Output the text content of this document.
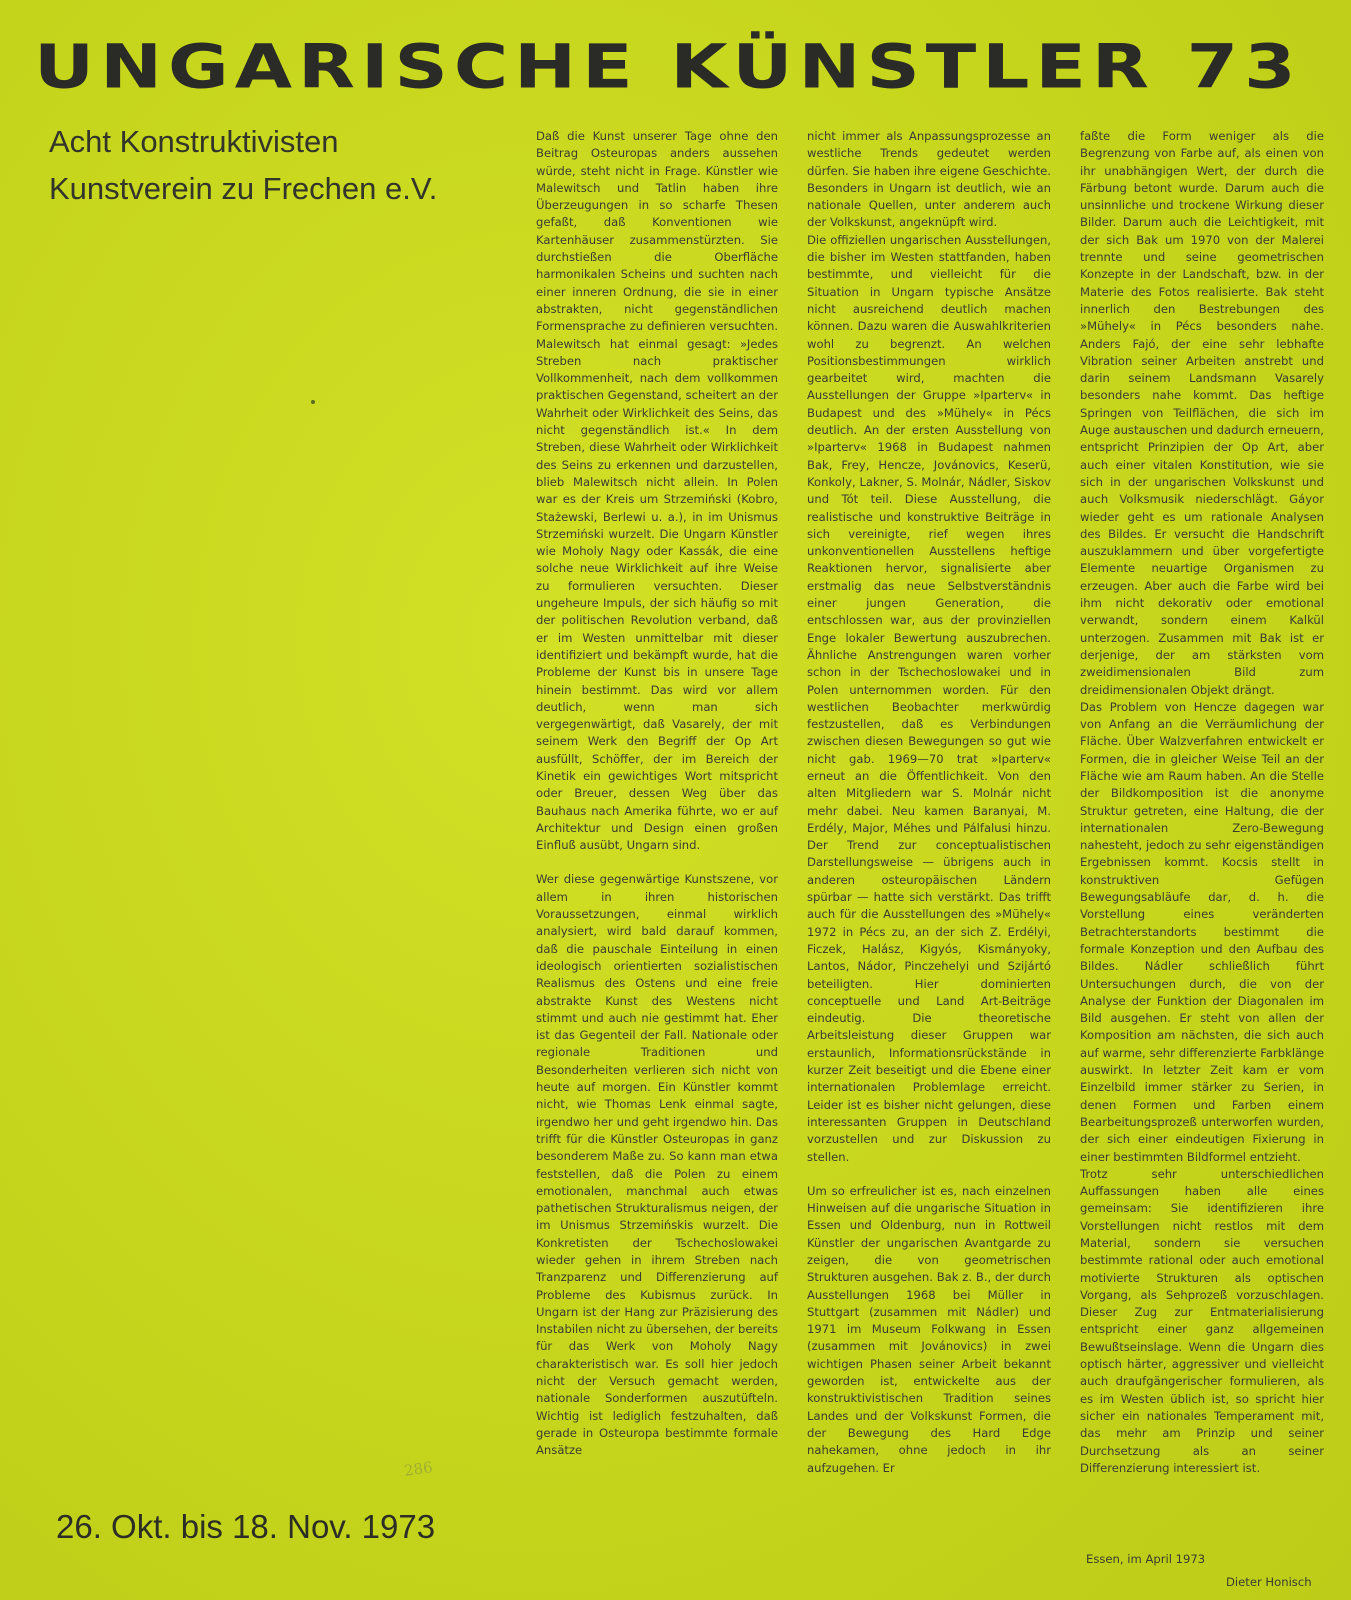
UNGARISCHE KÜNSTLER 73
Acht Konstruktivisten
Kunstverein zu Frechen e.V.
286
26. Okt. bis 18. Nov. 1973

Daß die Kunst unserer Tage ohne den Beitrag Osteuropas anders aussehen würde, steht nicht in Frage. Künstler wie Malewitsch und Tatlin haben ihre Überzeugungen in so scharfe Thesen gefaßt, daß Konventionen wie Kartenhäuser zusammenstürzten. Sie durchstießen die Oberfläche harmonikalen Scheins und suchten nach einer inneren Ordnung, die sie in einer abstrakten, nicht gegenständlichen Formensprache zu definieren versuchten. Malewitsch hat einmal gesagt: »Jedes Streben nach praktischer Vollkommenheit, nach dem vollkommen praktischen Gegenstand, scheitert an der Wahrheit oder Wirklichkeit des Seins, das nicht gegenständlich ist.« In dem Streben, diese Wahrheit oder Wirklichkeit des Seins zu erkennen und darzustellen, blieb Malewitsch nicht allein. In Polen war es der Kreis um Strzemiński (Kobro, Stażewski, Berlewi u. a.), in im Unismus Strzemiński wurzelt. Die Ungarn Künstler wie Moholy Nagy oder Kassák, die eine solche neue Wirklichkeit auf ihre Weise zu formulieren versuchten. Dieser ungeheure Impuls, der sich häufig so mit der politischen Revolution verband, daß er im Westen unmittelbar mit dieser identifiziert und bekämpft wurde, hat die Probleme der Kunst bis in unsere Tage hinein bestimmt. Das wird vor allem deutlich, wenn man sich vergegenwärtigt, daß Vasarely, der mit seinem Werk den Begriff der Op Art ausfüllt, Schöffer, der im Bereich der Kinetik ein gewichtiges Wort mitspricht oder Breuer, dessen Weg über das Bauhaus nach Amerika führte, wo er auf Architektur und Design einen großen Einfluß ausübt, Ungarn sind.

Wer diese gegenwärtige Kunstszene, vor allem in ihren historischen Voraussetzungen, einmal wirklich analysiert, wird bald darauf kommen, daß die pauschale Einteilung in einen ideologisch orientierten sozialistischen Realismus des Ostens und eine freie abstrakte Kunst des Westens nicht stimmt und auch nie gestimmt hat. Eher ist das Gegenteil der Fall. Nationale oder regionale Traditionen und Besonderheiten verlieren sich nicht von heute auf morgen. Ein Künstler kommt nicht, wie Thomas Lenk einmal sagte, irgendwo her und geht irgendwo hin. Das trifft für die Künstler Osteuropas in ganz besonderem Maße zu. So kann man etwa feststellen, daß die Polen zu einem emotionalen, manchmal auch etwas pathetischen Strukturalismus neigen, der im Unismus Strzemińskis wurzelt. Die Konkretisten der Tschechoslowakei wieder gehen in ihrem Streben nach Tranzparenz und Differenzierung auf Probleme des Kubismus zurück. In Ungarn ist der Hang zur Präzisierung des Instabilen nicht zu übersehen, der bereits für das Werk von Moholy Nagy charakteristisch war. Es soll hier jedoch nicht der Versuch gemacht werden, nationale Sonderformen auszutüfteln. Wichtig ist lediglich festzuhalten, daß gerade in Osteuropa bestimmte formale Ansätze

nicht immer als Anpassungsprozesse an westliche Trends gedeutet werden dürfen. Sie haben ihre eigene Geschichte. Besonders in Ungarn ist deutlich, wie an nationale Quellen, unter anderem auch der Volkskunst, angeknüpft wird.

Die offiziellen ungarischen Ausstellungen, die bisher im Westen stattfanden, haben bestimmte, und vielleicht für die Situation in Ungarn typische Ansätze nicht ausreichend deutlich machen können. Dazu waren die Auswahlkriterien wohl zu begrenzt. An welchen Positionsbestimmungen wirklich gearbeitet wird, machten die Ausstellungen der Gruppe »Iparterv« in Budapest und des »Mühely« in Pécs deutlich. An der ersten Ausstellung von »Iparterv« 1968 in Budapest nahmen Bak, Frey, Hencze, Jovánovics, Keserü, Konkoly, Lakner, S. Molnár, Nádler, Siskov und Tót teil. Diese Ausstellung, die realistische und konstruktive Beiträge in sich vereinigte, rief wegen ihres unkonventionellen Ausstellens heftige Reaktionen hervor, signalisierte aber erstmalig das neue Selbstverständnis einer jungen Generation, die entschlossen war, aus der provinziellen Enge lokaler Bewertung auszubrechen. Ähnliche Anstrengungen waren vorher schon in der Tschechoslowakei und in Polen unternommen worden. Für den westlichen Beobachter merkwürdig festzustellen, daß es Verbindungen zwischen diesen Bewegungen so gut wie nicht gab. 1969—70 trat »Iparterv« erneut an die Öffentlichkeit. Von den alten Mitgliedern war S. Molnár nicht mehr dabei. Neu kamen Baranyai, M. Erdély, Major, Méhes und Pálfalusi hinzu. Der Trend zur conceptualistischen Darstellungsweise — übrigens auch in anderen osteuropäischen Ländern spürbar — hatte sich verstärkt. Das trifft auch für die Ausstellungen des »Mühely« 1972 in Pécs zu, an der sich Z. Erdélyi, Ficzek, Halász, Kigyós, Kismányoky, Lantos, Nádor, Pinczehelyi und Szijártó beteiligten. Hier dominierten conceptuelle und Land Art-Beiträge eindeutig. Die theoretische Arbeitsleistung dieser Gruppen war erstaunlich, Informationsrückstände in kurzer Zeit beseitigt und die Ebene einer internationalen Problemlage erreicht. Leider ist es bisher nicht gelungen, diese interessanten Gruppen in Deutschland vorzustellen und zur Diskussion zu stellen.

Um so erfreulicher ist es, nach einzelnen Hinweisen auf die ungarische Situation in Essen und Oldenburg, nun in Rottweil Künstler der ungarischen Avantgarde zu zeigen, die von geometrischen Strukturen ausgehen. Bak z. B., der durch Ausstellungen 1968 bei Müller in Stuttgart (zusammen mit Nádler) und 1971 im Museum Folkwang in Essen (zusammen mit Jovánovics) in zwei wichtigen Phasen seiner Arbeit bekannt geworden ist, entwickelte aus der konstruktivistischen Tradition seines Landes und der Volkskunst Formen, die der Bewegung des Hard Edge nahekamen, ohne jedoch in ihr aufzugehen. Er

faßte die Form weniger als die Begrenzung von Farbe auf, als einen von ihr unabhängigen Wert, der durch die Färbung betont wurde. Darum auch die unsinnliche und trockene Wirkung dieser Bilder. Darum auch die Leichtigkeit, mit der sich Bak um 1970 von der Malerei trennte und seine geometrischen Konzepte in der Landschaft, bzw. in der Materie des Fotos realisierte. Bak steht innerlich den Bestrebungen des »Mühely« in Pécs besonders nahe. Anders Fajó, der eine sehr lebhafte Vibration seiner Arbeiten anstrebt und darin seinem Landsmann Vasarely besonders nahe kommt. Das heftige Springen von Teilflächen, die sich im Auge austauschen und dadurch erneuern, entspricht Prinzipien der Op Art, aber auch einer vitalen Konstitution, wie sie sich in der ungarischen Volkskunst und auch Volksmusik niederschlägt. Gáyor wieder geht es um rationale Analysen des Bildes. Er versucht die Handschrift auszuklammern und über vorgefertigte Elemente neuartige Organismen zu erzeugen. Aber auch die Farbe wird bei ihm nicht dekorativ oder emotional verwandt, sondern einem Kalkül unterzogen. Zusammen mit Bak ist er derjenige, der am stärksten vom zweidimensionalen Bild zum dreidimensionalen Objekt drängt.

Das Problem von Hencze dagegen war von Anfang an die Verräumlichung der Fläche. Über Walzverfahren entwickelt er Formen, die in gleicher Weise Teil an der Fläche wie am Raum haben. An die Stelle der Bildkomposition ist die anonyme Struktur getreten, eine Haltung, die der internationalen Zero-Bewegung nahesteht, jedoch zu sehr eigenständigen Ergebnissen kommt. Kocsis stellt in konstruktiven Gefügen Bewegungsabläufe dar, d. h. die Vorstellung eines veränderten Betrachterstandorts bestimmt die formale Konzeption und den Aufbau des Bildes. Nádler schließlich führt Untersuchungen durch, die von der Analyse der Funktion der Diagonalen im Bild ausgehen. Er steht von allen der Komposition am nächsten, die sich auch auf warme, sehr differenzierte Farbklänge auswirkt. In letzter Zeit kam er vom Einzelbild immer stärker zu Serien, in denen Formen und Farben einem Bearbeitungsprozeß unterworfen wurden, der sich einer eindeutigen Fixierung in einer bestimmten Bildformel entzieht.

Trotz sehr unterschiedlichen Auffassungen haben alle eines gemeinsam: Sie identifizieren ihre Vorstellungen nicht restlos mit dem Material, sondern sie versuchen bestimmte rational oder auch emotional motivierte Strukturen als optischen Vorgang, als Sehprozeß vorzuschlagen. Dieser Zug zur Entmaterialisierung entspricht einer ganz allgemeinen Bewußtseinslage. Wenn die Ungarn dies optisch härter, aggressiver und vielleicht auch draufgängerischer formulieren, als es im Westen üblich ist, so spricht hier sicher ein nationales Temperament mit, das mehr am Prinzip und seiner Durchsetzung als an seiner Differenzierung interessiert ist.

Essen, im April 1973
Dieter Honisch
